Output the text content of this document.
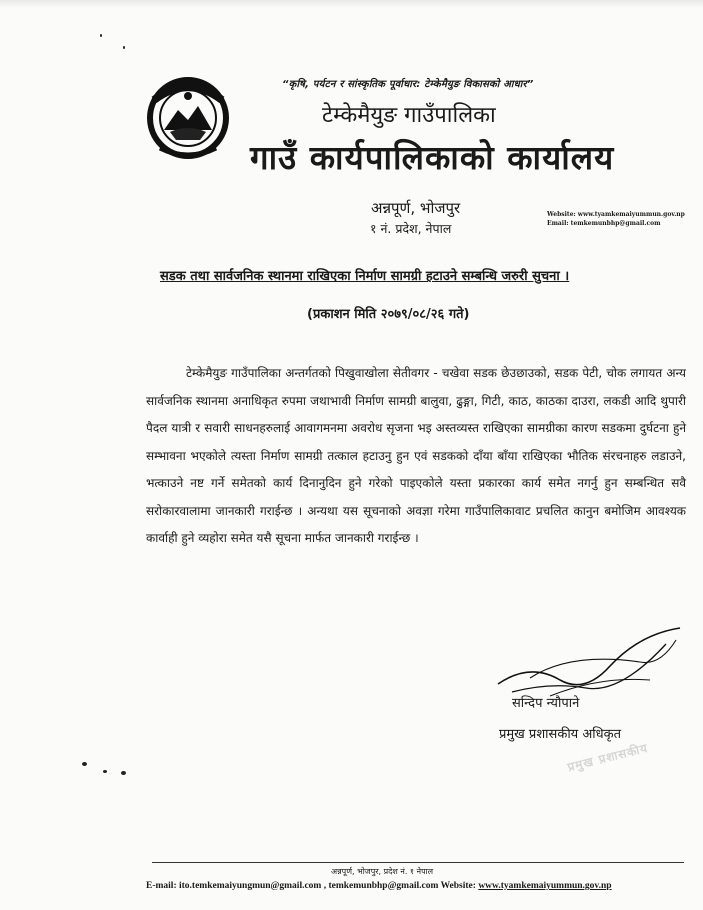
“कृषि, पर्यटन र सांस्कृतिक पूर्वाधार: टेम्केमैयुङ विकासको आधार”
टेम्केमैयुङ गाउँपालिका
गाउँ कार्यपालिकाको कार्यालय
अन्नपूर्ण, भोजपुर
१ नं. प्रदेश, नेपाल
Website: www.tyamkemaiyummun.gov.np
Email: temkemunbhp@gmail.com
सडक तथा सार्वजनिक स्थानमा राखिएका निर्माण सामग्री हटाउने सम्बन्धि जरुरी सुचना ।
(प्रकाशन मिति २०७९/०८/२६ गते)
टेम्केमैयुङ गाउँपालिका अन्तर्गतको पिखुवाखोला सेतीवगर - चखेवा सडक छेउछाउको, सडक पेटी, चोक लगायत अन्य सार्वजनिक स्थानमा अनाधिकृत रुपमा जथाभावी निर्माण सामग्री बालुवा, ढुङ्गा, गिटी, काठ, काठका दाउरा, लकडी आदि थुपारी पैदल यात्री र सवारी साधनहरुलाई आवागमनमा अवरोध सृजना भइ अस्तव्यस्त राखिएका सामग्रीका कारण सडकमा दुर्घटना हुने सम्भावना भएकोले त्यस्ता निर्माण सामग्री तत्काल हटाउनु हुन एवं सडकको दाँया बाँया राखिएका भौतिक संरचनाहरु लडाउने, भत्काउने नष्ट गर्ने समेतको कार्य दिनानुदिन हुने गरेको पाइएकोले यस्ता प्रकारका कार्य समेत नगर्नु हुन सम्बन्धित सवै सरोकारवालामा जानकारी गराईन्छ । अन्यथा यस सूचनाको अवज्ञा गरेमा गाउँपालिकावाट प्रचलित कानुन बमोजिम आवश्यक कार्वाही हुने व्यहोरा समेत यसै सूचना मार्फत जानकारी गराईन्छ ।
सन्दिप न्यौपाने
प्रमुख प्रशासकीय अधिकृत
प्रमुख प्रशासकीय
अन्नपूर्ण, भोजपुर, प्रदेश नं. १ नेपाल
E-mail: ito.temkemaiyungmun@gmail.com , temkemunbhp@gmail.com Website: www.tyamkemaiyummun.gov.np
